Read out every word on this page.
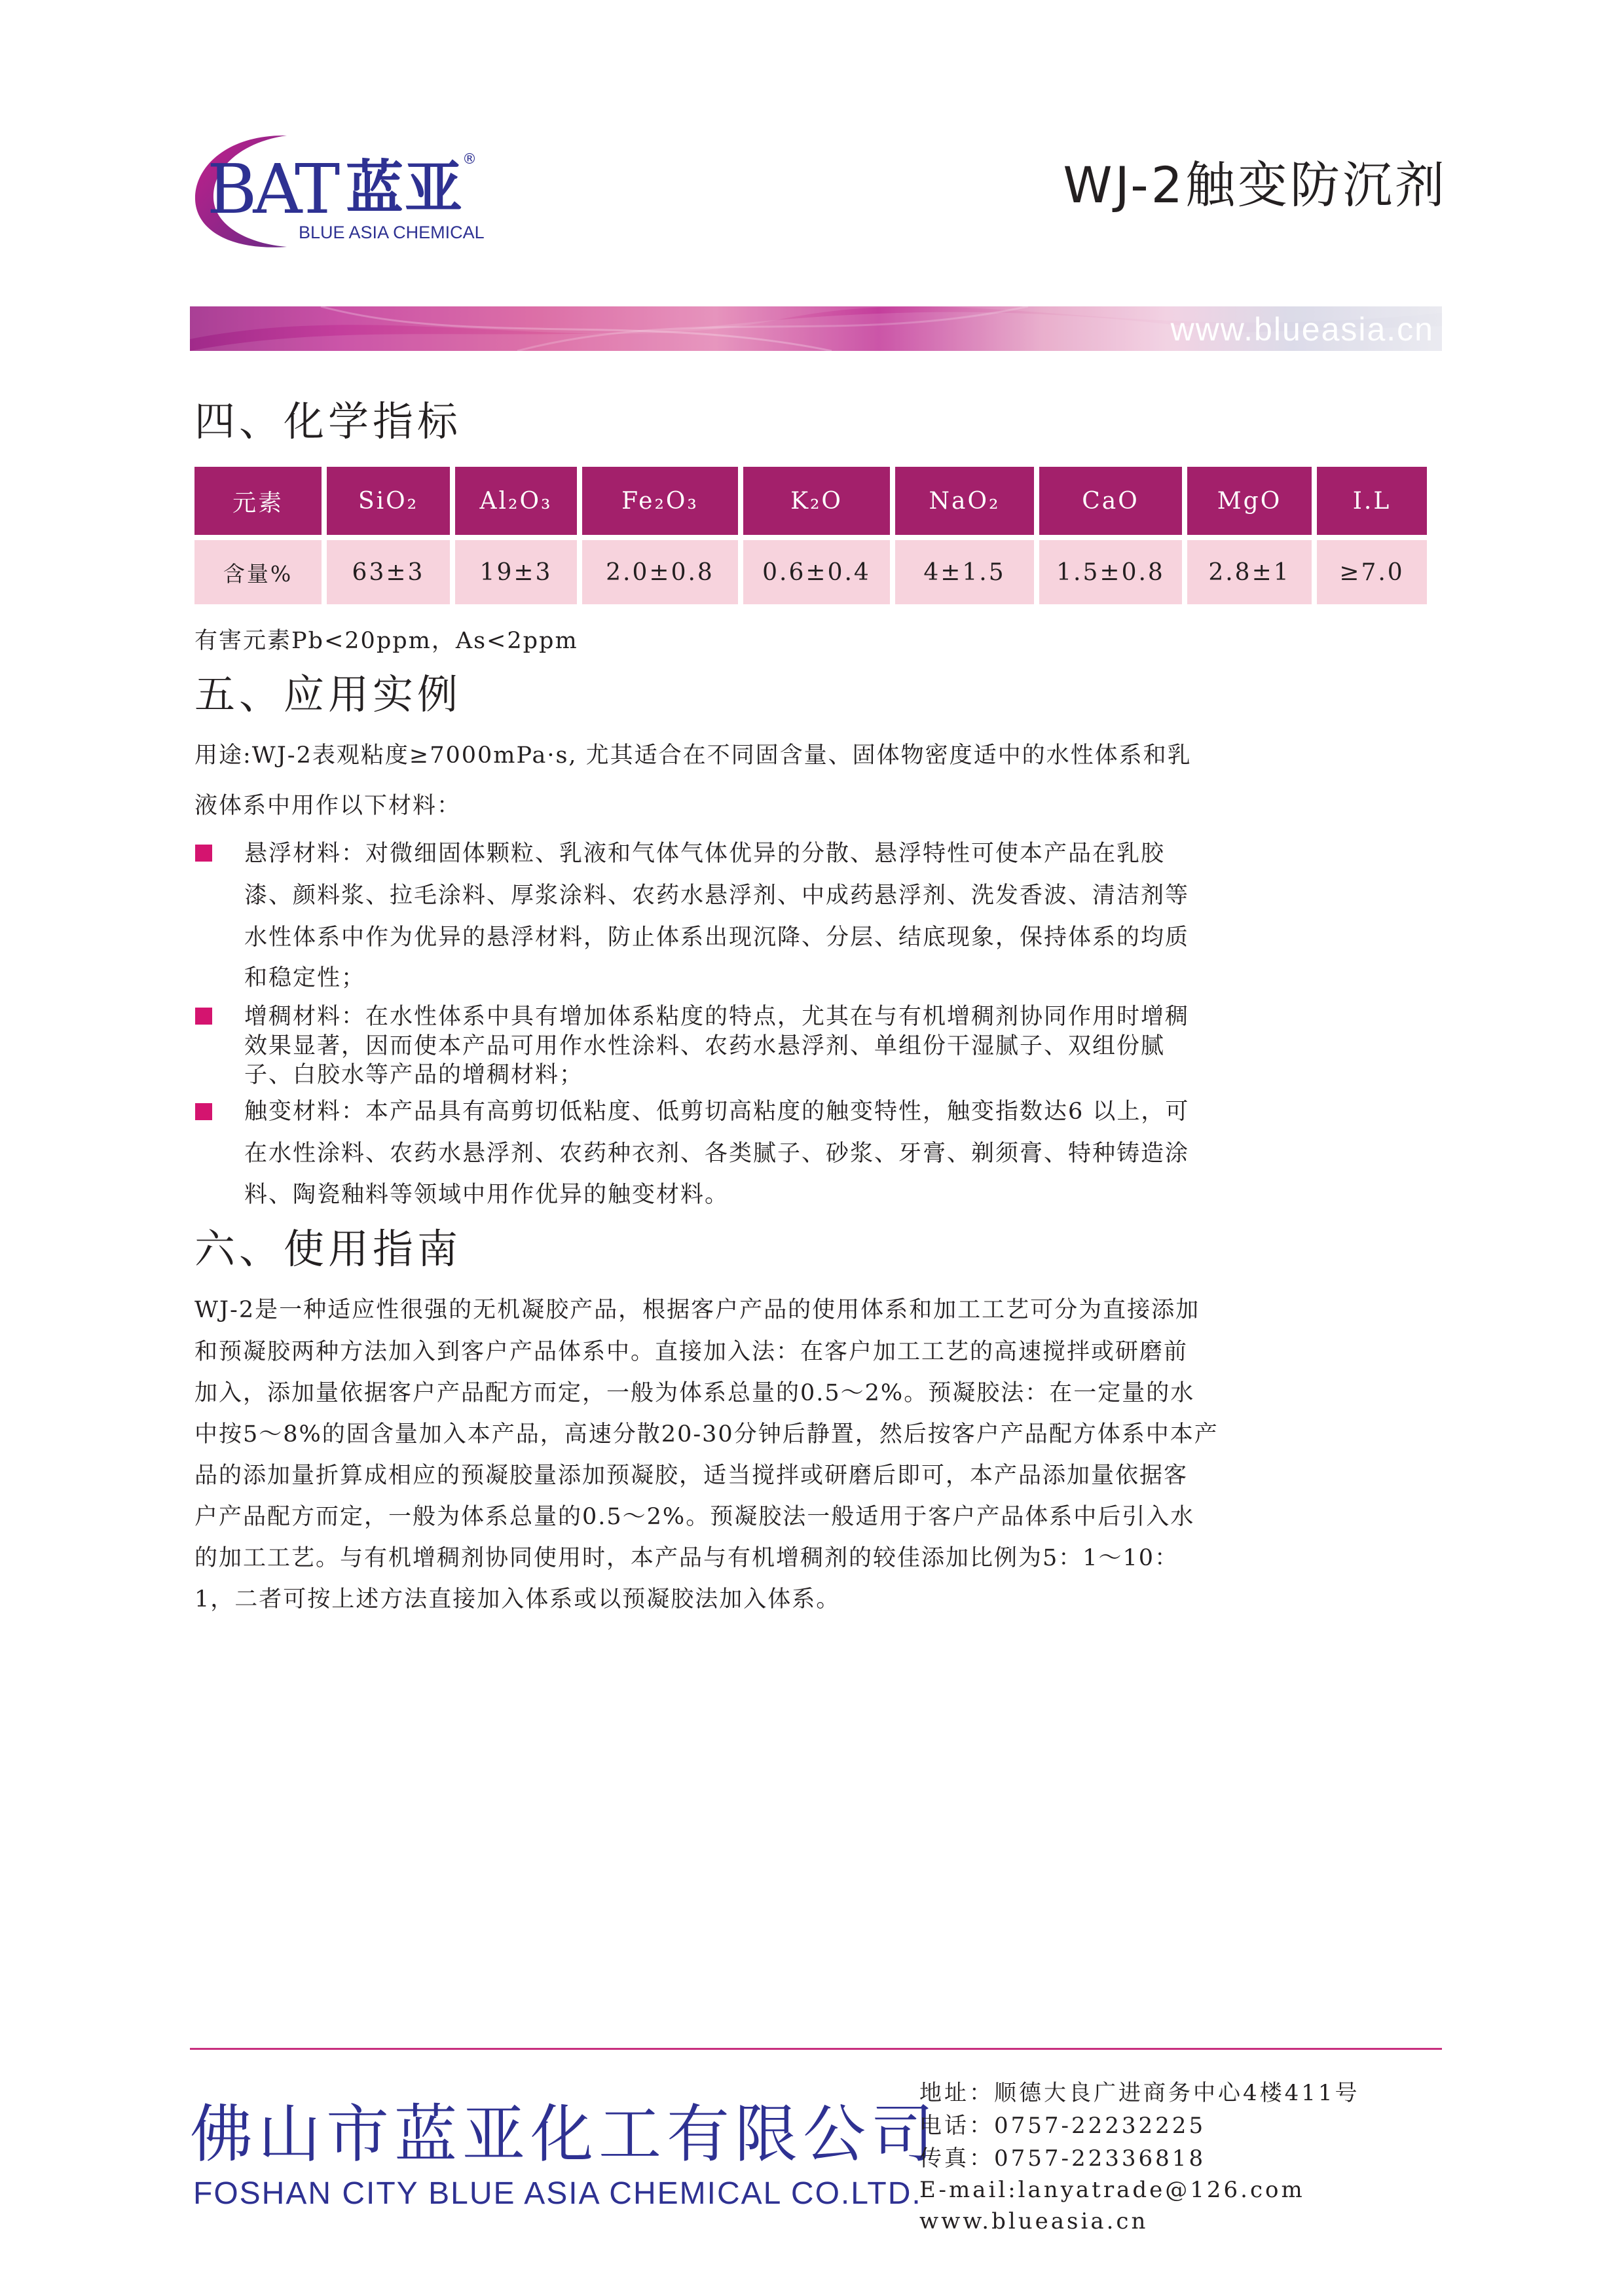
BAT 蓝亚
®
BLUE ASIA CHEMICAL
WJ-2触变防沉剂
www.blueasia.cn
四、化学指标
元素	SiO₂	Al₂O₃	Fe₂O₃	K₂O	NaO₂	CaO	MgO	I.L
含量%	63±3	19±3	2.0±0.8	0.6±0.4	4±1.5	1.5±0.8	2.8±1	≥7.0
有害元素Pb<20ppm，As<2ppm
五、应用实例
用途:WJ-2表观粘度≥7000mPa·s, 尤其适合在不同固含量、固体物密度适中的水性体系和乳
液体系中用作以下材料：
悬浮材料：对微细固体颗粒、乳液和气体气体优异的分散、悬浮特性可使本产品在乳胶
漆、颜料浆、拉毛涂料、厚浆涂料、农药水悬浮剂、中成药悬浮剂、洗发香波、清洁剂等
水性体系中作为优异的悬浮材料，防止体系出现沉降、分层、结底现象，保持体系的均质
和稳定性；
增稠材料：在水性体系中具有增加体系粘度的特点，尤其在与有机增稠剂协同作用时增稠
效果显著，因而使本产品可用作水性涂料、农药水悬浮剂、单组份干湿腻子、双组份腻
子、白胶水等产品的增稠材料；
触变材料：本产品具有高剪切低粘度、低剪切高粘度的触变特性，触变指数达6 以上，可
在水性涂料、农药水悬浮剂、农药种衣剂、各类腻子、砂浆、牙膏、剃须膏、特种铸造涂
料、陶瓷釉料等领域中用作优异的触变材料。
六、使用指南
WJ-2是一种适应性很强的无机凝胶产品，根据客户产品的使用体系和加工工艺可分为直接添加
和预凝胶两种方法加入到客户产品体系中。直接加入法：在客户加工工艺的高速搅拌或研磨前
加入，添加量依据客户产品配方而定，一般为体系总量的0.5～2%。预凝胶法：在一定量的水
中按5～8%的固含量加入本产品，高速分散20-30分钟后静置，然后按客户产品配方体系中本产
品的添加量折算成相应的预凝胶量添加预凝胶，适当搅拌或研磨后即可，本产品添加量依据客
户产品配方而定，一般为体系总量的0.5～2%。预凝胶法一般适用于客户产品体系中后引入水
的加工工艺。与有机增稠剂协同使用时，本产品与有机增稠剂的较佳添加比例为5：1～10：
1，二者可按上述方法直接加入体系或以预凝胶法加入体系。
佛山市蓝亚化工有限公司
FOSHAN CITY BLUE ASIA CHEMICAL CO.LTD.
地址：顺德大良广进商务中心4楼411号
电话：0757-22232225
传真：0757-22336818
E-mail:lanyatrade@126.com
www.blueasia.cn
